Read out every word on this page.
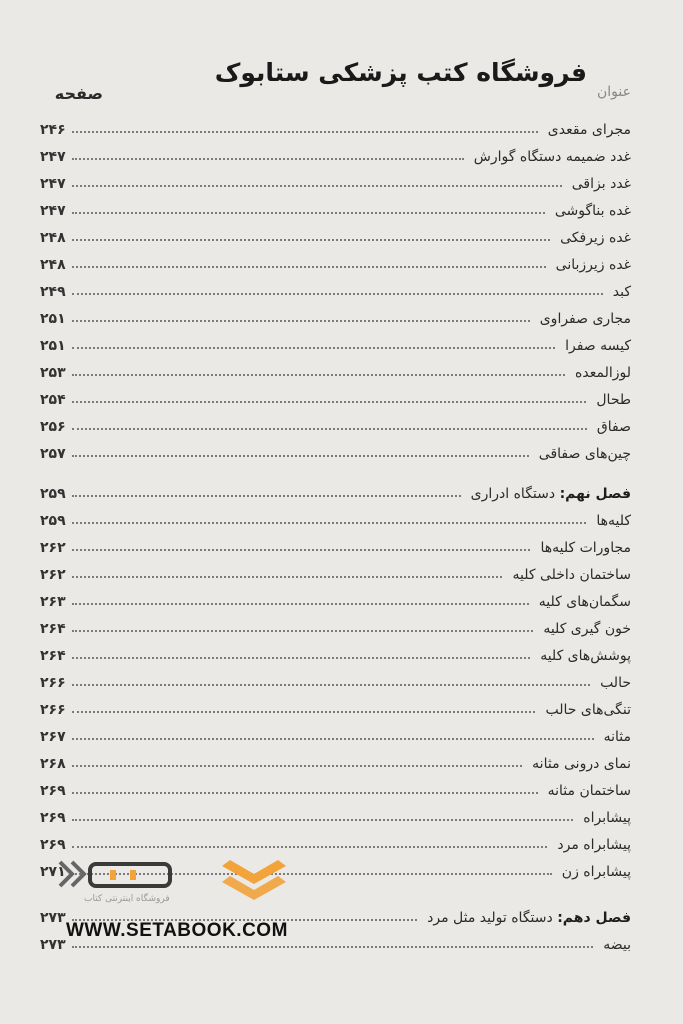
فروشگاه کتب پزشکی ستابوک
صفحه	عنوان
مجرای مقعدی
۲۴۶
غدد ضمیمه دستگاه گوارش
۲۴۷
غدد بزاقی
۲۴۷
غده بناگوشی
۲۴۷
غده زیرفکی
۲۴۸
غده زیرزبانی
۲۴۸
کبد
۲۴۹
مجاری صفراوی
۲۵۱
کیسه صفرا
۲۵۱
لوزالمعده
۲۵۳
طحال
۲۵۴
صفاق
۲۵۶
چین‌های صفاقی
۲۵۷
فصل نهم: دستگاه ادراری
۲۵۹
کلیه‌ها
۲۵۹
مجاورات کلیه‌ها
۲۶۲
ساختمان داخلی کلیه
۲۶۲
سگمان‌های کلیه
۲۶۳
خون گیری کلیه
۲۶۴
پوشش‌های کلیه
۲۶۴
حالب
۲۶۶
تنگی‌های حالب
۲۶۶
مثانه
۲۶۷
نمای درونی مثانه
۲۶۸
ساختمان مثانه
۲۶۹
پیشابراه
۲۶۹
پیشابراه مرد
۲۶۹
پیشابراه زن
۲۷۱
فصل دهم: دستگاه تولید مثل مرد
۲۷۳
بیضه
۲۷۳
فروشگاه اینترنتی کتاب
WWW.SETABOOK.COM
